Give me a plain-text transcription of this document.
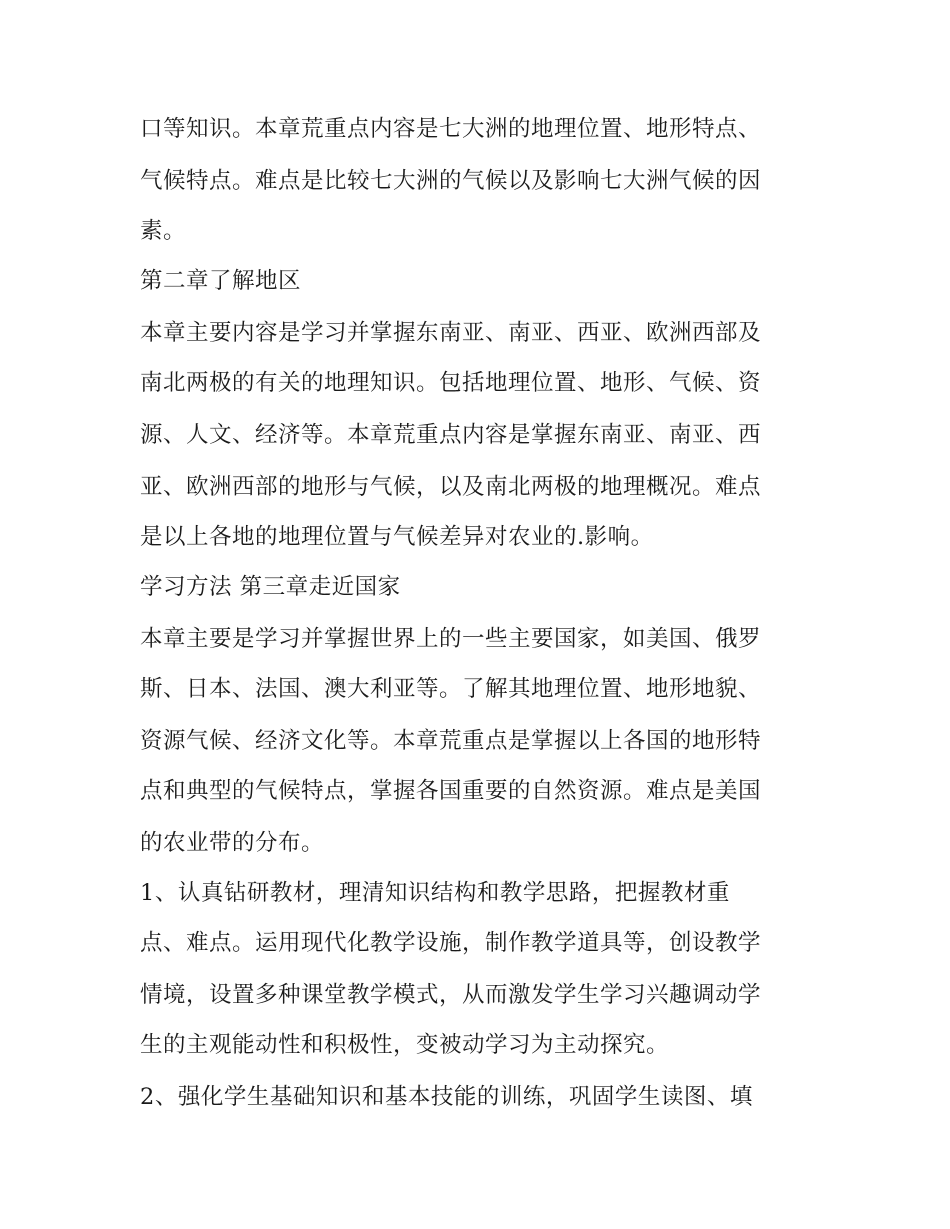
口等知识。本章荒重点内容是七大洲的地理位置、地形特点、
气候特点。难点是比较七大洲的气候以及影响七大洲气候的因
素。
第二章了解地区
本章主要内容是学习并掌握东南亚、南亚、西亚、欧洲西部及
南北两极的有关的地理知识。包括地理位置、地形、气候、资
源、人文、经济等。本章荒重点内容是掌握东南亚、南亚、西
亚、欧洲西部的地形与气候，以及南北两极的地理概况。难点
是以上各地的地理位置与气候差异对农业的.影响。
学习方法 第三章走近国家
本章主要是学习并掌握世界上的一些主要国家，如美国、俄罗
斯、日本、法国、澳大利亚等。了解其地理位置、地形地貌、
资源气候、经济文化等。本章荒重点是掌握以上各国的地形特
点和典型的气候特点，掌握各国重要的自然资源。难点是美国
的农业带的分布。
1、认真钻研教材，理清知识结构和教学思路，把握教材重
点、难点。运用现代化教学设施，制作教学道具等，创设教学
情境，设置多种课堂教学模式，从而激发学生学习兴趣调动学
生的主观能动性和积极性，变被动学习为主动探究。
2、强化学生基础知识和基本技能的训练，巩固学生读图、填
